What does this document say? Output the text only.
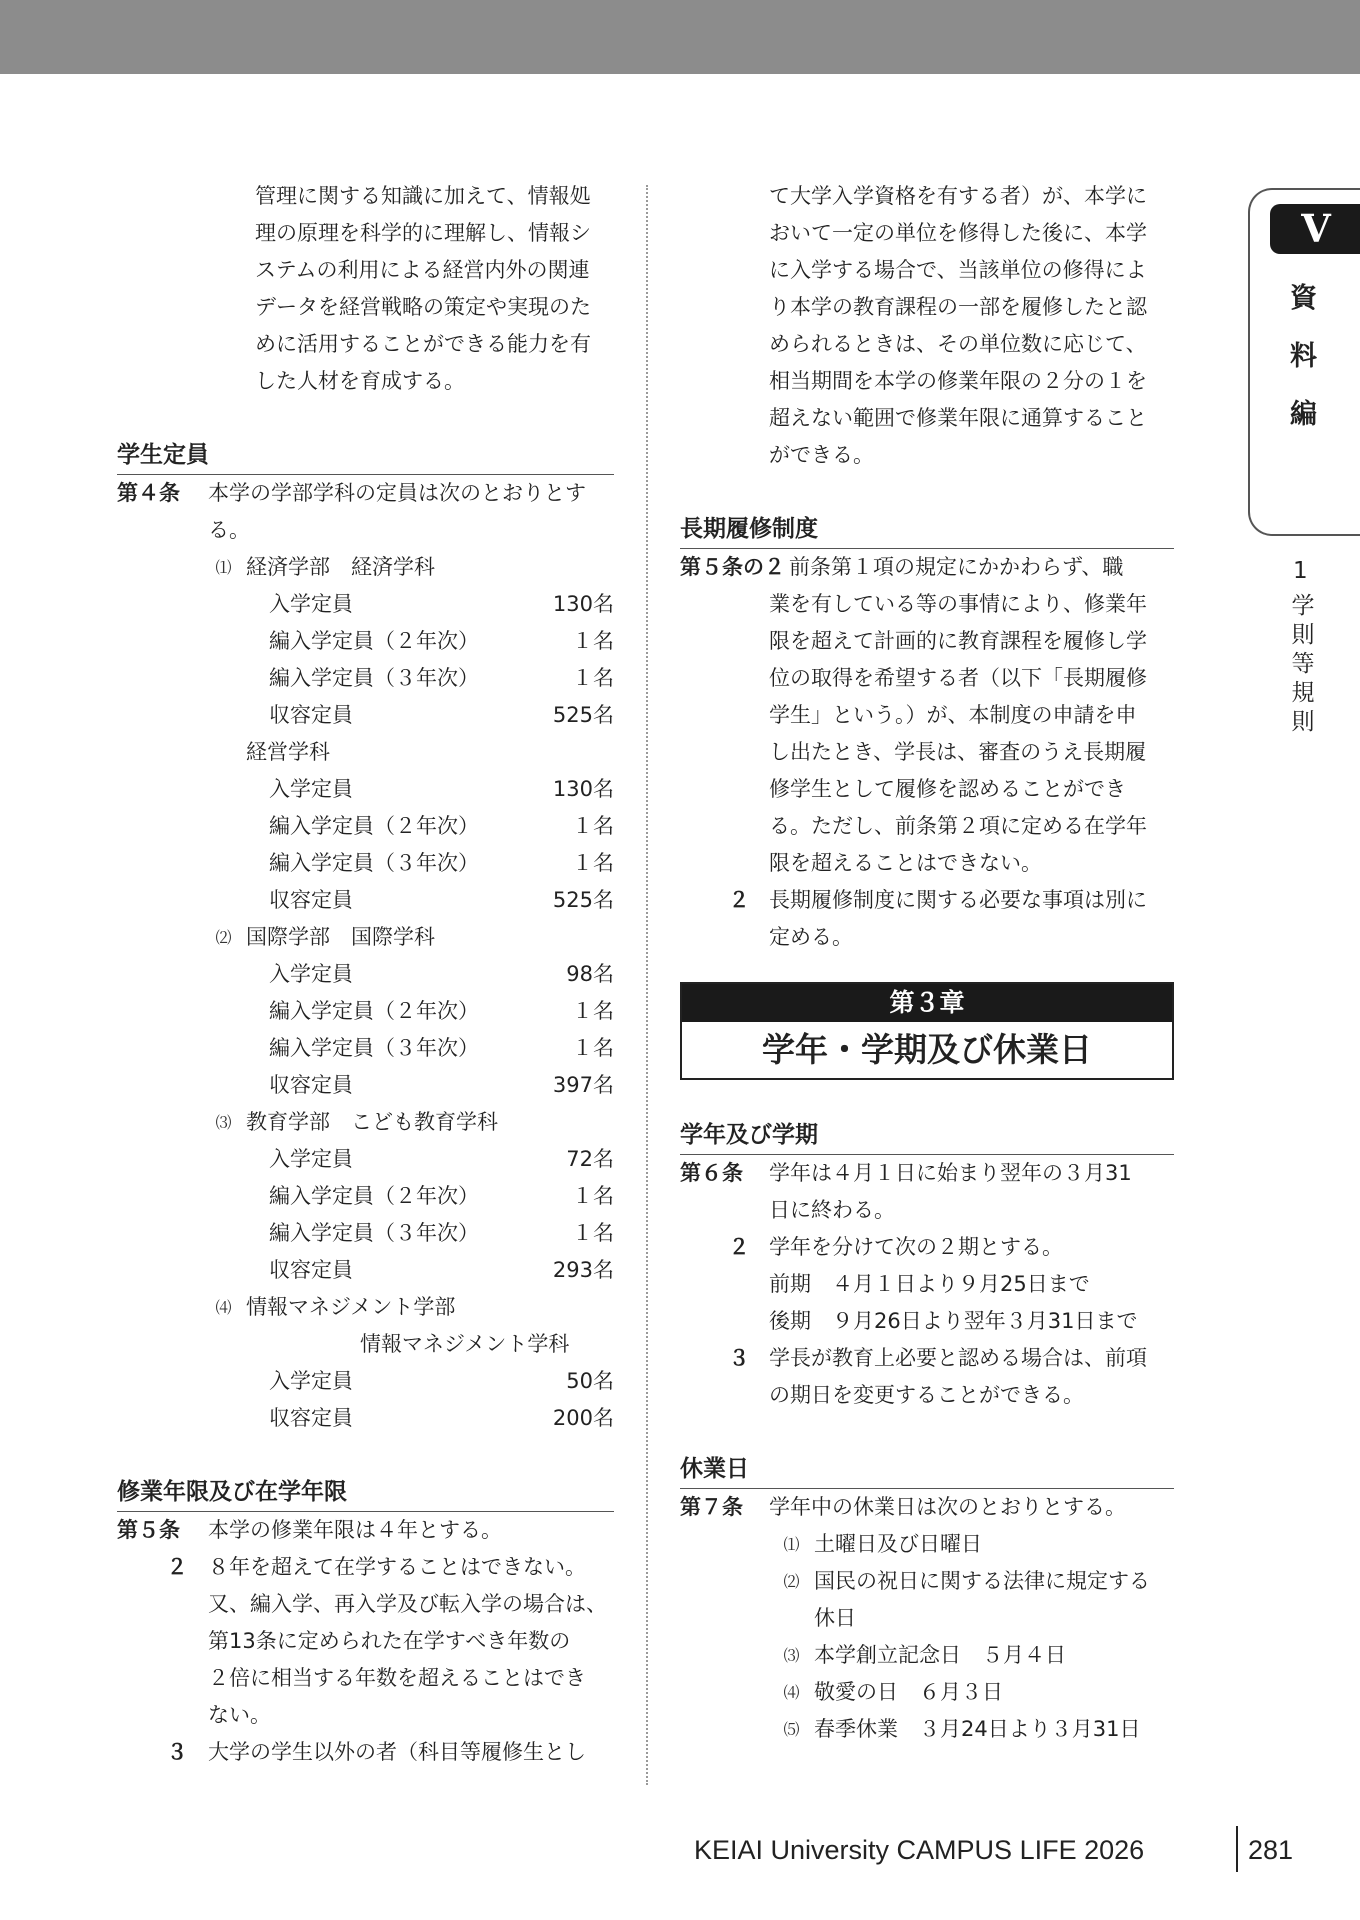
管理に関する知識に加えて、情報処
理の原理を科学的に理解し、情報シ
ステムの利用による経営内外の関連
データを経営戦略の策定や実現のた
めに活用することができる能力を有
した人材を育成する。
学生定員
第４条	本学の学部学科の定員は次のとおりとす
る。
⑴ 経済学部　経済学科
入学定員	130名
編入学定員（２年次）	１名
編入学定員（３年次）	１名
収容定員	525名
経営学科
入学定員	130名
編入学定員（２年次）	１名
編入学定員（３年次）	１名
収容定員	525名
⑵ 国際学部　国際学科
入学定員	98名
編入学定員（２年次）	１名
編入学定員（３年次）	１名
収容定員	397名
⑶ 教育学部　こども教育学科
入学定員	72名
編入学定員（２年次）	１名
編入学定員（３年次）	１名
収容定員	293名
⑷ 情報マネジメント学部
情報マネジメント学科
入学定員	50名
収容定員	200名
修業年限及び在学年限
第５条	本学の修業年限は４年とする。
２ ８年を超えて在学することはできない。
又、編入学、再入学及び転入学の場合は、
第13条に定められた在学すべき年数の
２倍に相当する年数を超えることはでき
ない。
３ 大学の学生以外の者（科目等履修生とし
て大学入学資格を有する者）が、本学に
おいて一定の単位を修得した後に、本学
に入学する場合で、当該単位の修得によ
り本学の教育課程の一部を履修したと認
められるときは、その単位数に応じて、
相当期間を本学の修業年限の２分の１を
超えない範囲で修業年限に通算すること
ができる。
長期履修制度
第５条の２ 前条第１項の規定にかかわらず、職
業を有している等の事情により、修業年
限を超えて計画的に教育課程を履修し学
位の取得を希望する者（以下「長期履修
学生」という。）が、本制度の申請を申
し出たとき、学長は、審査のうえ長期履
修学生として履修を認めることができ
る。ただし、前条第２項に定める在学年
限を超えることはできない。
２ 長期履修制度に関する必要な事項は別に
定める。
第３章
学年・学期及び休業日
学年及び学期
第６条	学年は４月１日に始まり翌年の３月31
日に終わる。
２ 学年を分けて次の２期とする。
前期　４月１日より９月25日まで
後期　９月26日より翌年３月31日まで
３ 学長が教育上必要と認める場合は、前項
の期日を変更することができる。
休業日
第７条	学年中の休業日は次のとおりとする。
⑴ 土曜日及び日曜日
⑵ 国民の祝日に関する法律に規定する
休日
⑶ 本学創立記念日　５月４日
⑷ 敬愛の日　６月３日
⑸ 春季休業　３月24日より３月31日
V
資
料
編
1
学
則
等
規
則
KEIAI University CAMPUS LIFE 2026	281
